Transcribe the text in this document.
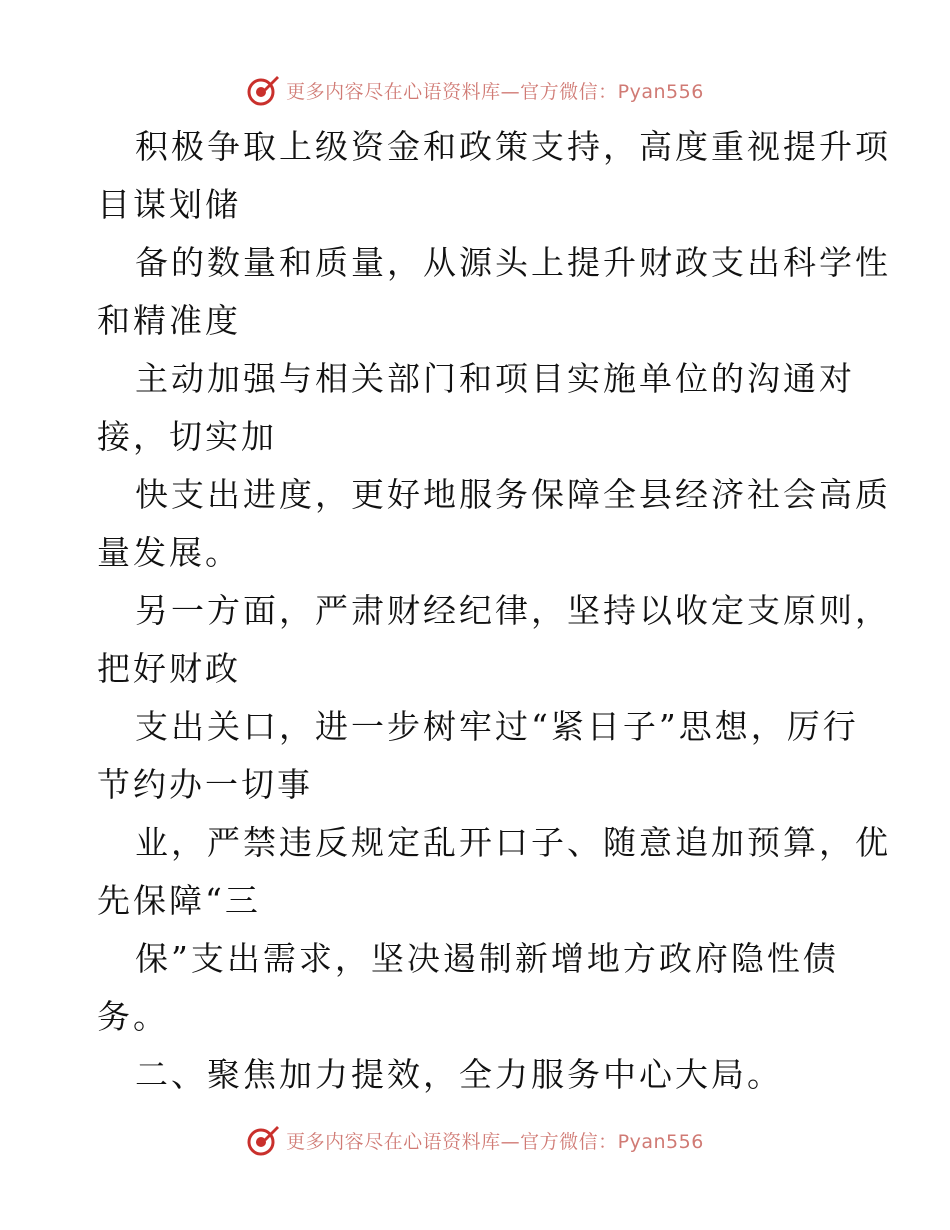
更多内容尽在心语资料库—官方微信：Pyan556
积极争取上级资金和政策支持，高度重视提升项
目谋划储
备的数量和质量，从源头上提升财政支出科学性
和精准度
主动加强与相关部门和项目实施单位的沟通对
接，切实加
快支出进度，更好地服务保障全县经济社会高质
量发展。
另一方面，严肃财经纪律，坚持以收定支原则，
把好财政
支出关口，进一步树牢过“紧日子”思想，厉行
节约办一切事
业，严禁违反规定乱开口子、随意追加预算，优
先保障“三
保”支出需求，坚决遏制新增地方政府隐性债
务。
二、聚焦加力提效，全力服务中心大局。
更多内容尽在心语资料库—官方微信：Pyan556
